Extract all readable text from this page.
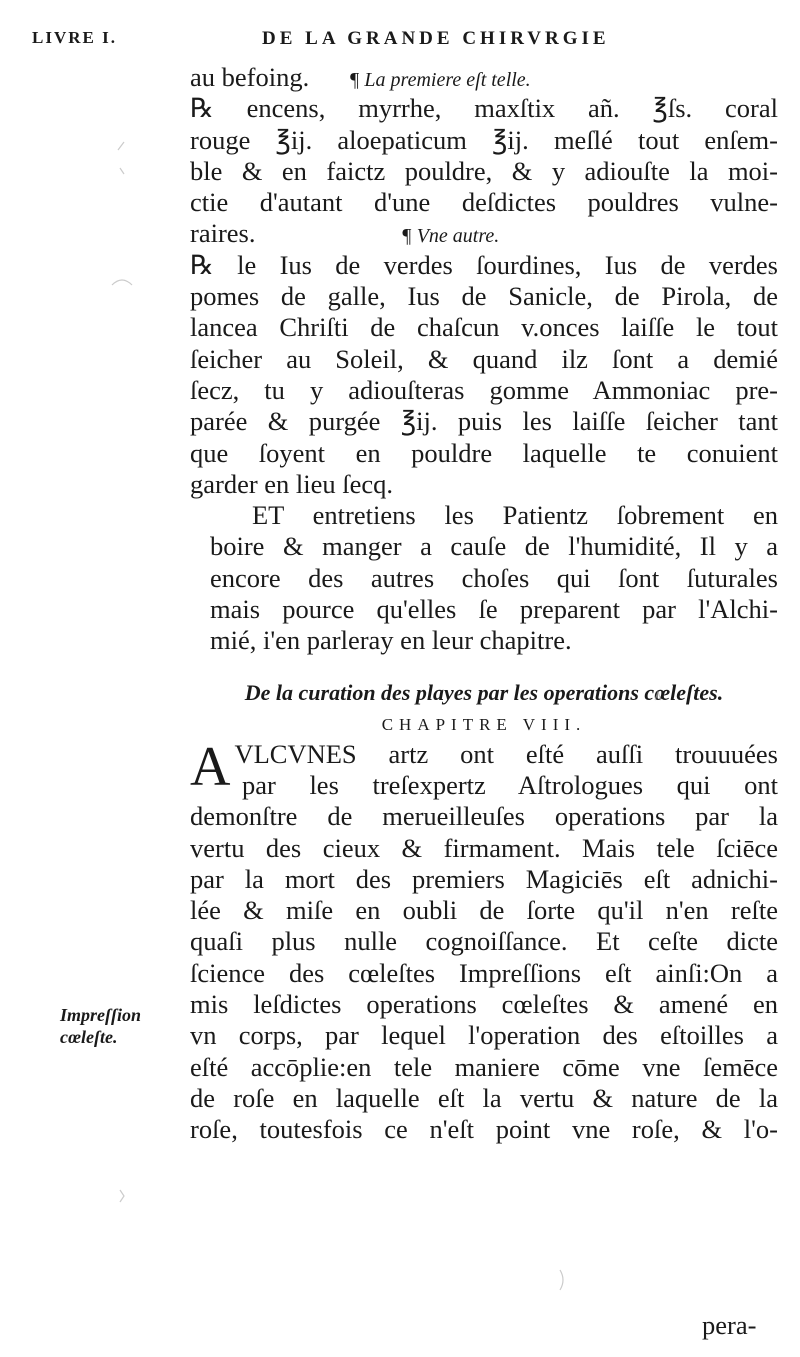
LIVRE I.	DE LA GRANDE CHIRVRGIE
au befoing. ¶ La premiere eſt telle.
℞ encens, myrrhe, maxſtix añ. ℥ſs. coral
rouge ℥ij. aloepaticum ℥ij. meſlé tout enſem-
ble & en faictz pouldre, & y adiouſte la moi-
ctie d'autant d'une deſdictes pouldres vulne-
raires.	¶ Vne autre.
℞ le Ius de verdes ſourdines, Ius de verdes
pomes de galle, Ius de Sanicle, de Pirola, de
lancea Chriſti de chaſcun v.onces laiſſe le tout
ſeicher au Soleil, & quand ilz ſont a demié
ſecz, tu y adiouſteras gomme Ammoniac pre-
parée & purgée ℥ij. puis les laiſſe ſeicher tant
que ſoyent en pouldre laquelle te conuient
garder en lieu ſecq.
ET entretiens les Patientz ſobrement en
boire & manger a cauſe de l'humidité, Il y a
encore des autres choſes qui ſont ſuturales
mais pource qu'elles ſe preparent par l'Alchi-
mié, i'en parleray en leur chapitre.
De la curation des playes par les operations cœleſtes.
CHAPITRE VIII.
AVLCVNES artz ont eſté auſſi trouuuées
par les treſexpertz Aſtrologues qui ont
demonſtre de merueilleuſes operations par la
vertu des cieux & firmament. Mais tele ſciēce
par la mort des premiers Magiciēs eſt adnichi-
lée & miſe en oubli de ſorte qu'il n'en reſte
quaſi plus nulle cognoiſſance. Et ceſte dicte
ſcience des cœleſtes Impreſſions eſt ainſi:On a
mis leſdictes operations cœleſtes & amené en
vn corps, par lequel l'operation des eſtoilles a
eſté accōplie:en tele maniere cōme vne ſemēce
de roſe en laquelle eſt la vertu & nature de la
roſe, toutesfois ce n'eſt point vne roſe, & l'o-
Impreſſion
cœleſte.
pera-
